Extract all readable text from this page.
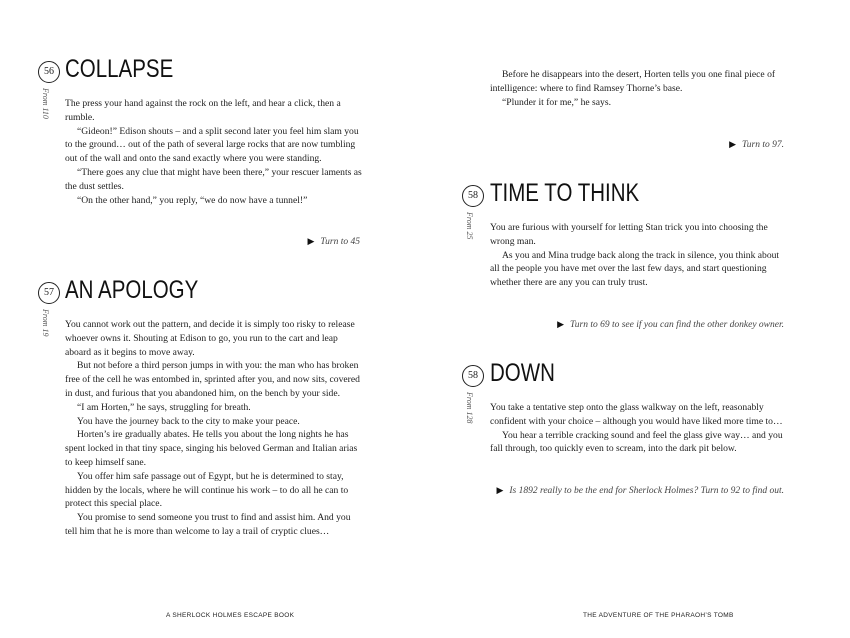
56 COLLAPSE
From 110 The press your hand against the rock on the left, and hear a click, then a rumble.

“Gideon!” Edison shouts – and a split second later you feel him slam you to the ground… out of the path of several large rocks that are now tumbling out of the wall and onto the sand exactly where you were standing.

“There goes any clue that might have been there,” your rescuer laments as the dust settles.

“On the other hand,” you reply, “we do now have a tunnel!”

▶ Turn to 45
57 AN APOLOGY
From 19 You cannot work out the pattern, and decide it is simply too risky to release whoever owns it. Shouting at Edison to go, you run to the cart and leap aboard as it begins to move away.

But not before a third person jumps in with you: the man who has broken free of the cell he was entombed in, sprinted after you, and now sits, covered in dust, and furious that you abandoned him, on the bench by your side.

“I am Horten,” he says, struggling for breath.

You have the journey back to the city to make your peace.

Horten’s ire gradually abates. He tells you about the long nights he has spent locked in that tiny space, singing his beloved German and Italian arias to keep himself sane.

You offer him safe passage out of Egypt, but he is determined to stay, hidden by the locals, where he will continue his work – to do all he can to protect this special place.

You promise to send someone you trust to find and assist him. And you tell him that he is more than welcome to lay a trail of cryptic clues…

A SHERLOCK HOLMES ESCAPE BOOK

Before he disappears into the desert, Horten tells you one final piece of intelligence: where to find Ramsey Thorne’s base.

“Plunder it for me,” he says.

▶ Turn to 97.
58 TIME TO THINK
From 25 You are furious with yourself for letting Stan trick you into choosing the wrong man.

As you and Mina trudge back along the track in silence, you think about all the people you have met over the last few days, and start questioning whether there are any you can truly trust.

▶ Turn to 69 to see if you can find the other donkey owner.
58 DOWN
From 128 You take a tentative step onto the glass walkway on the left, reasonably confident with your choice – although you would have liked more time to…

You hear a terrible cracking sound and feel the glass give way… and you fall through, too quickly even to scream, into the dark pit below.

▶ Is 1892 really to be the end for Sherlock Holmes? Turn to 92 to find out.
THE ADVENTURE OF THE PHARAOH’S TOMB
